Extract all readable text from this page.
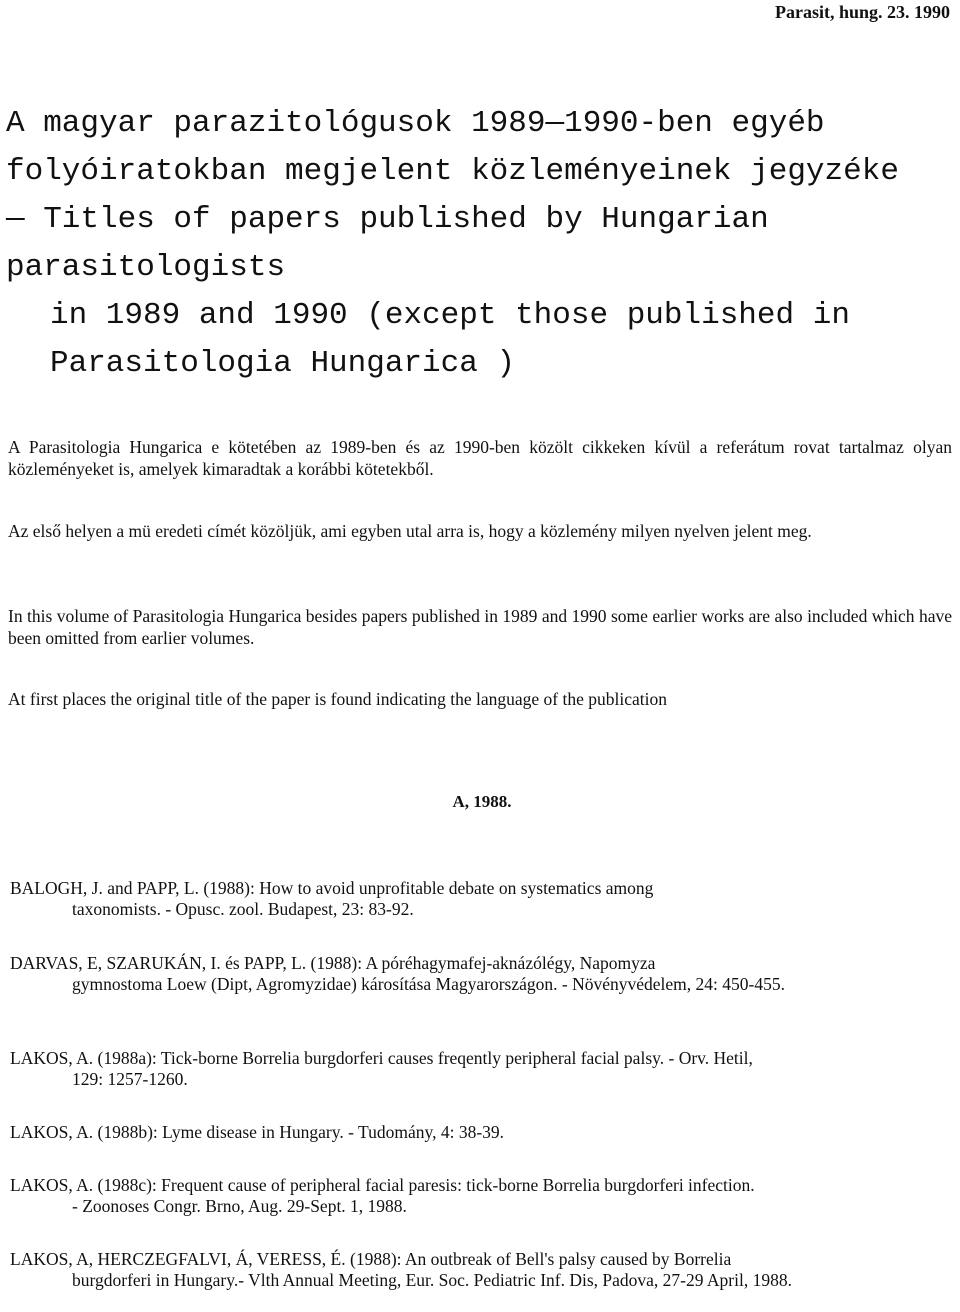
Parasit, hung. 23. 1990
A magyar parazitológusok 1989—1990-ben egyéb
folyóiratokban megjelent közleményeinek jegyzéke
— Titles of papers published by Hungarian parasitologists
in 1989 and 1990 (except those published in
Parasitologia Hungarica )

A Parasitologia Hungarica e kötetében az 1989-ben és az 1990-ben közölt cikkeken kívül a referátum rovat tartalmaz olyan közleményeket is, amelyek kimaradtak a korábbi kötetekből.

Az első helyen a mü eredeti címét közöljük, ami egyben utal arra is, hogy a közlemény milyen nyelven jelent meg.

In this volume of Parasitologia Hungarica besides papers published in 1989 and 1990 some earlier works are also included which have been omitted from earlier volumes.

At first places the original title of the paper is found indicating the language of the publication

A, 1988.

BALOGH, J. and PAPP, L. (1988): How to avoid unprofitable debate on systematics among
taxonomists. - Opusc. zool. Budapest, 23: 83-92.

DARVAS, E, SZARUKÁN, I. és PAPP, L. (1988): A póréhagymafej-aknázólégy, Napomyza
gymnostoma Loew (Dipt, Agromyzidae) károsítása Magyarországon. - Növényvédelem, 24: 450-455.

LAKOS, A. (1988a): Tick-borne Borrelia burgdorferi causes freqently peripheral facial palsy. - Orv. Hetil,
129: 1257-1260.

LAKOS, A. (1988b): Lyme disease in Hungary. - Tudomány, 4: 38-39.

LAKOS, A. (1988c): Frequent cause of peripheral facial paresis: tick-borne Borrelia burgdorferi infection.
- Zoonoses Congr. Brno, Aug. 29-Sept. 1, 1988.

LAKOS, A, HERCZEGFALVI, Á, VERESS, É. (1988): An outbreak of Bell's palsy caused by Borrelia
burgdorferi in Hungary.- Vlth Annual Meeting, Eur. Soc. Pediatric Inf. Dis, Padova, 27-29 April, 1988.
